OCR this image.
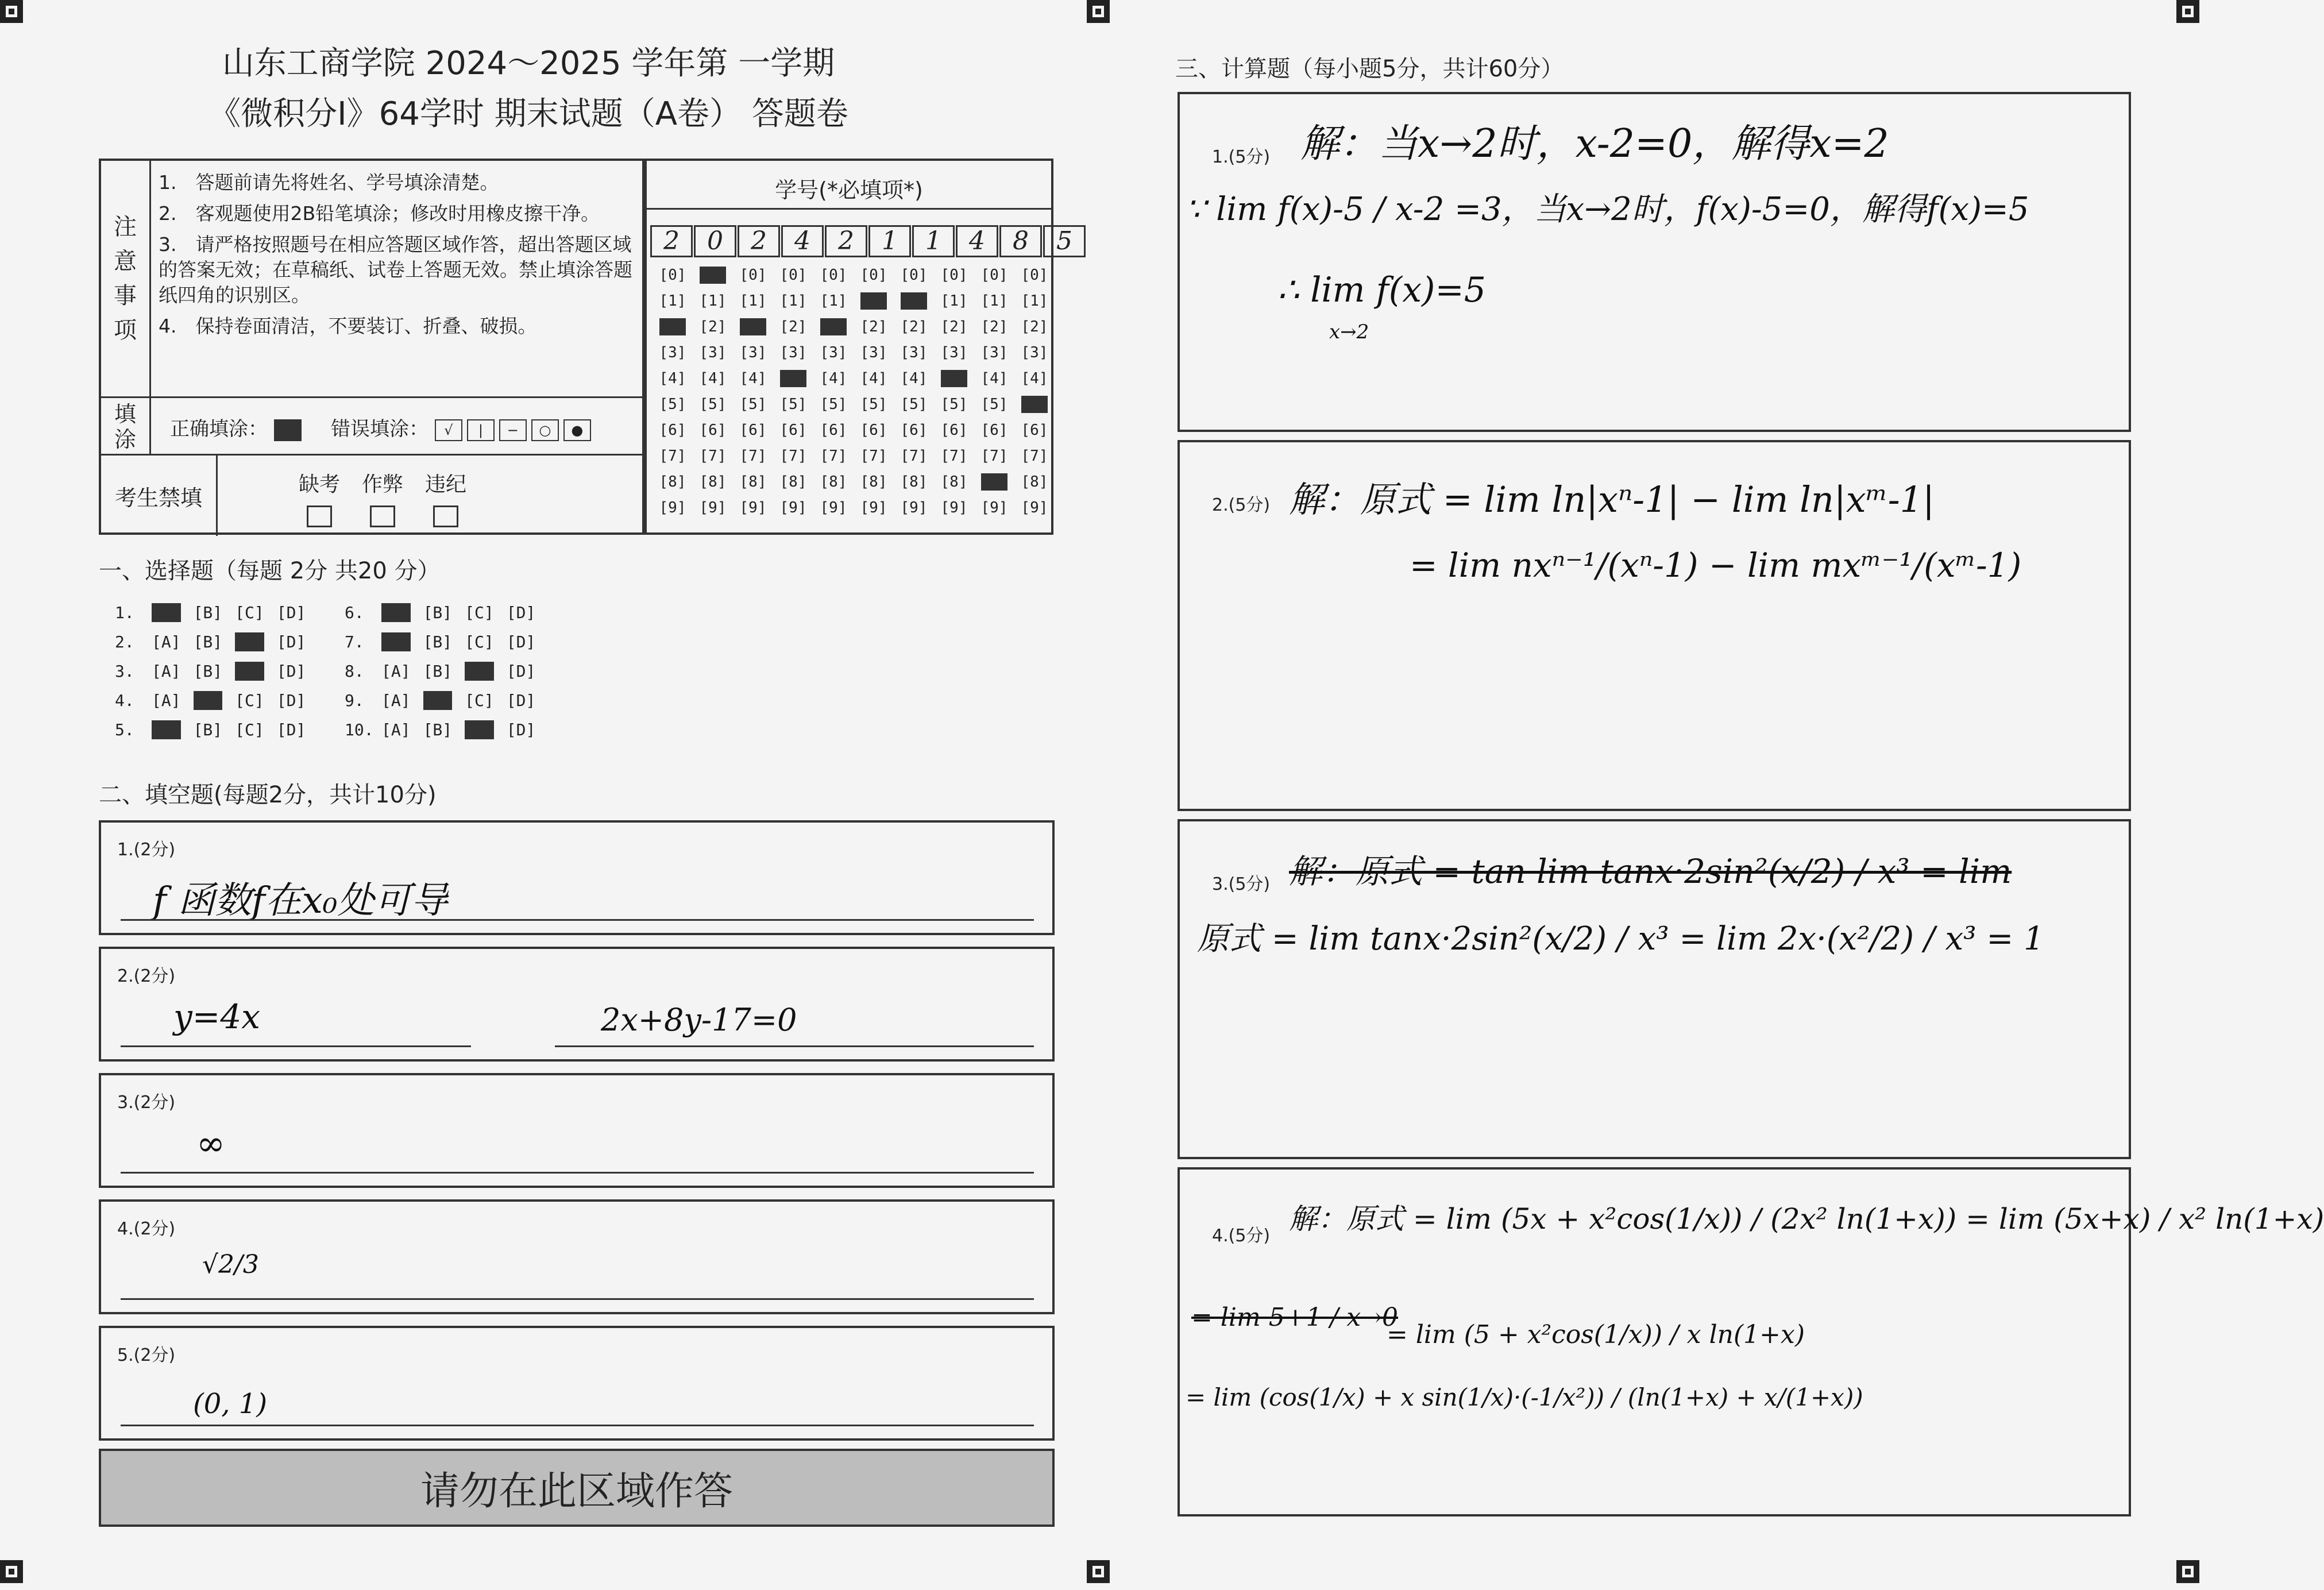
山东工商学院 2024～2025 学年第 一学期
《微积分Ⅰ》64学时 期末试题（A卷） 答题卷
注
意
事
项
1.　答题前请先将姓名、学号填涂清楚。
2.　客观题使用2B铅笔填涂；修改时用橡皮擦干净。
3.　请严格按照题号在相应答题区域作答，超出答题区域的答案无效；在草稿纸、试卷上答题无效。禁止填涂答题纸四角的识别区。
4.　保持卷面清洁，不要装订、折叠、破损。
填
涂 正确填涂：	错误填涂： √ | − ○ ●
考生禁填
缺考	作弊	违纪
学号(*必填项*)
2	0	2	4	2	1	1	4	8	5
[0] [0] [0] [0] [0] [0] [0] [0] [0] [0]
[1] [1] [1] [1] [1] [1] [1] [1] [1] [1]
[2] [2] [2] [2] [2] [2] [2] [2] [2] [2]
[3] [3] [3] [3] [3] [3] [3] [3] [3] [3]
[4] [4] [4] [4] [4] [4] [4] [4] [4] [4]
[5] [5] [5] [5] [5] [5] [5] [5] [5] [5]
[6] [6] [6] [6] [6] [6] [6] [6] [6] [6]
[7] [7] [7] [7] [7] [7] [7] [7] [7] [7]
[8] [8] [8] [8] [8] [8] [8] [8] [8] [8]
[9] [9] [9] [9] [9] [9] [9] [9] [9] [9]
一、选择题（每题 2分 共20 分）
1. [A] [B] [C] [D]
2. [A] [B] [C] [D]
3. [A] [B] [C] [D]
4. [A] [B] [C] [D]
5. [A] [B] [C] [D]
6. [A] [B] [C] [D]
7. [A] [B] [C] [D]
8. [A] [B] [C] [D]
9. [A] [B] [C] [D]
10. [A] [B] [C] [D]
二、填空题(每题2分，共计10分)
1.(2分)
f 函数f在x₀处可导
2.(2分)
y=4x	2x+8y-17=0
3.(2分)
∞
4.(2分)
√2/3
5.(2分)
(0, 1)
请勿在此区域作答
三、计算题（每小题5分，共计60分）
1.(5分) 解：当x→2时，x-2=0，解得x=2
∵ lim f(x)-5 / x-2 =3，当x→2时，f(x)-5=0，解得f(x)=5
∴ lim f(x)=5
x→2
2.(5分) 解：原式 = lim ln|xⁿ-1| − lim ln|xᵐ-1|
= lim nxⁿ⁻¹/(xⁿ-1) − lim mxᵐ⁻¹/(xᵐ-1)
3.(5分) 解：原式 = tan lim tanx·2sin²(x/2) / x³ = lim
原式 = lim tanx·2sin²(x/2) / x³ = lim 2x·(x²/2) / x³ = 1
4.(5分)
解：原式 = lim (5x + x²cos(1/x)) / (2x² ln(1+x)) = lim (5x+x) / x² ln(1+x)
= lim 5+1 / x→0
= lim (5 + x²cos(1/x)) / x ln(1+x)
= lim (cos(1/x) + x sin(1/x)·(-1/x²)) / (ln(1+x) + x/(1+x))
